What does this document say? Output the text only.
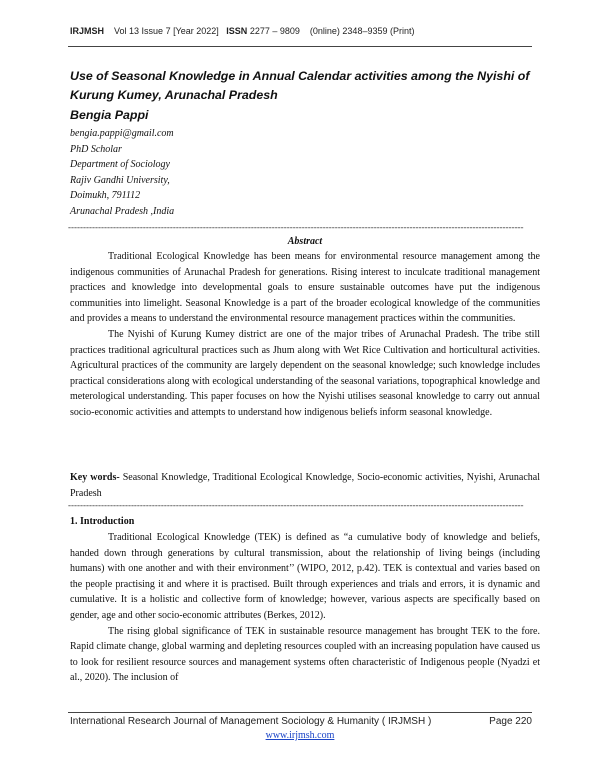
IRJMSH Vol 13 Issue 7 [Year 2022] ISSN 2277 – 9809 (0nline) 2348–9359 (Print)
Use of Seasonal Knowledge in Annual Calendar activities among the Nyishi of Kurung Kumey, Arunachal Pradesh
Bengia Pappi
bengia.pappi@gmail.com
PhD Scholar
Department of Sociology
Rajiv Gandhi University,
Doimukh, 791112
Arunachal Pradesh ,India
--------------------------------------------------------------------------------------------------------------------------------------------------------
Abstract

Traditional Ecological Knowledge has been means for environmental resource management among the indigenous communities of Arunachal Pradesh for generations. Rising interest to inculcate traditional management practices and knowledge into developmental goals to ensure sustainable outcomes have put the indigenous communities into limelight. Seasonal Knowledge is a part of the broader ecological knowledge of the communities and provides a means to understand the environmental resource management practices within the communities.

The Nyishi of Kurung Kumey district are one of the major tribes of Arunachal Pradesh. The tribe still practices traditional agricultural practices such as Jhum along with Wet Rice Cultivation and horticultural activities. Agricultural practices of the community are largely dependent on the seasonal knowledge; such knowledge includes practical considerations along with ecological understanding of the seasonal variations, topographical knowledge and meterological understanding. This paper focuses on how the Nyishi utilises seasonal knowledge to carry out annual socio-economic activities and attempts to understand how indigenous beliefs inform seasonal knowledge.

Key words- Seasonal Knowledge, Traditional Ecological Knowledge, Socio-economic activities, Nyishi, Arunachal Pradesh

--------------------------------------------------------------------------------------------------------------------------------------------------------
1. Introduction

Traditional Ecological Knowledge (TEK) is defined as “a cumulative body of knowledge and beliefs, handed down through generations by cultural transmission, about the relationship of living beings (including humans) with one another and with their environment’’ (WIPO, 2012, p.42). TEK is contextual and varies based on the people practising it and where it is practised. Built through experiences and trials and errors, it is dynamic and cumulative. It is a holistic and collective form of knowledge; however, various aspects are specifically based on gender, age and other socio-economic attributes (Berkes, 2012).

The rising global significance of TEK in sustainable resource management has brought TEK to the fore. Rapid climate change, global warming and depleting resources coupled with an increasing population have caused us to look for resilient resource sources and management systems often characteristic of Indigenous people (Nyadzi et al., 2020). The inclusion of

International Research Journal of Management Sociology & Humanity ( IRJMSH )	Page 220
www.irjmsh.com
